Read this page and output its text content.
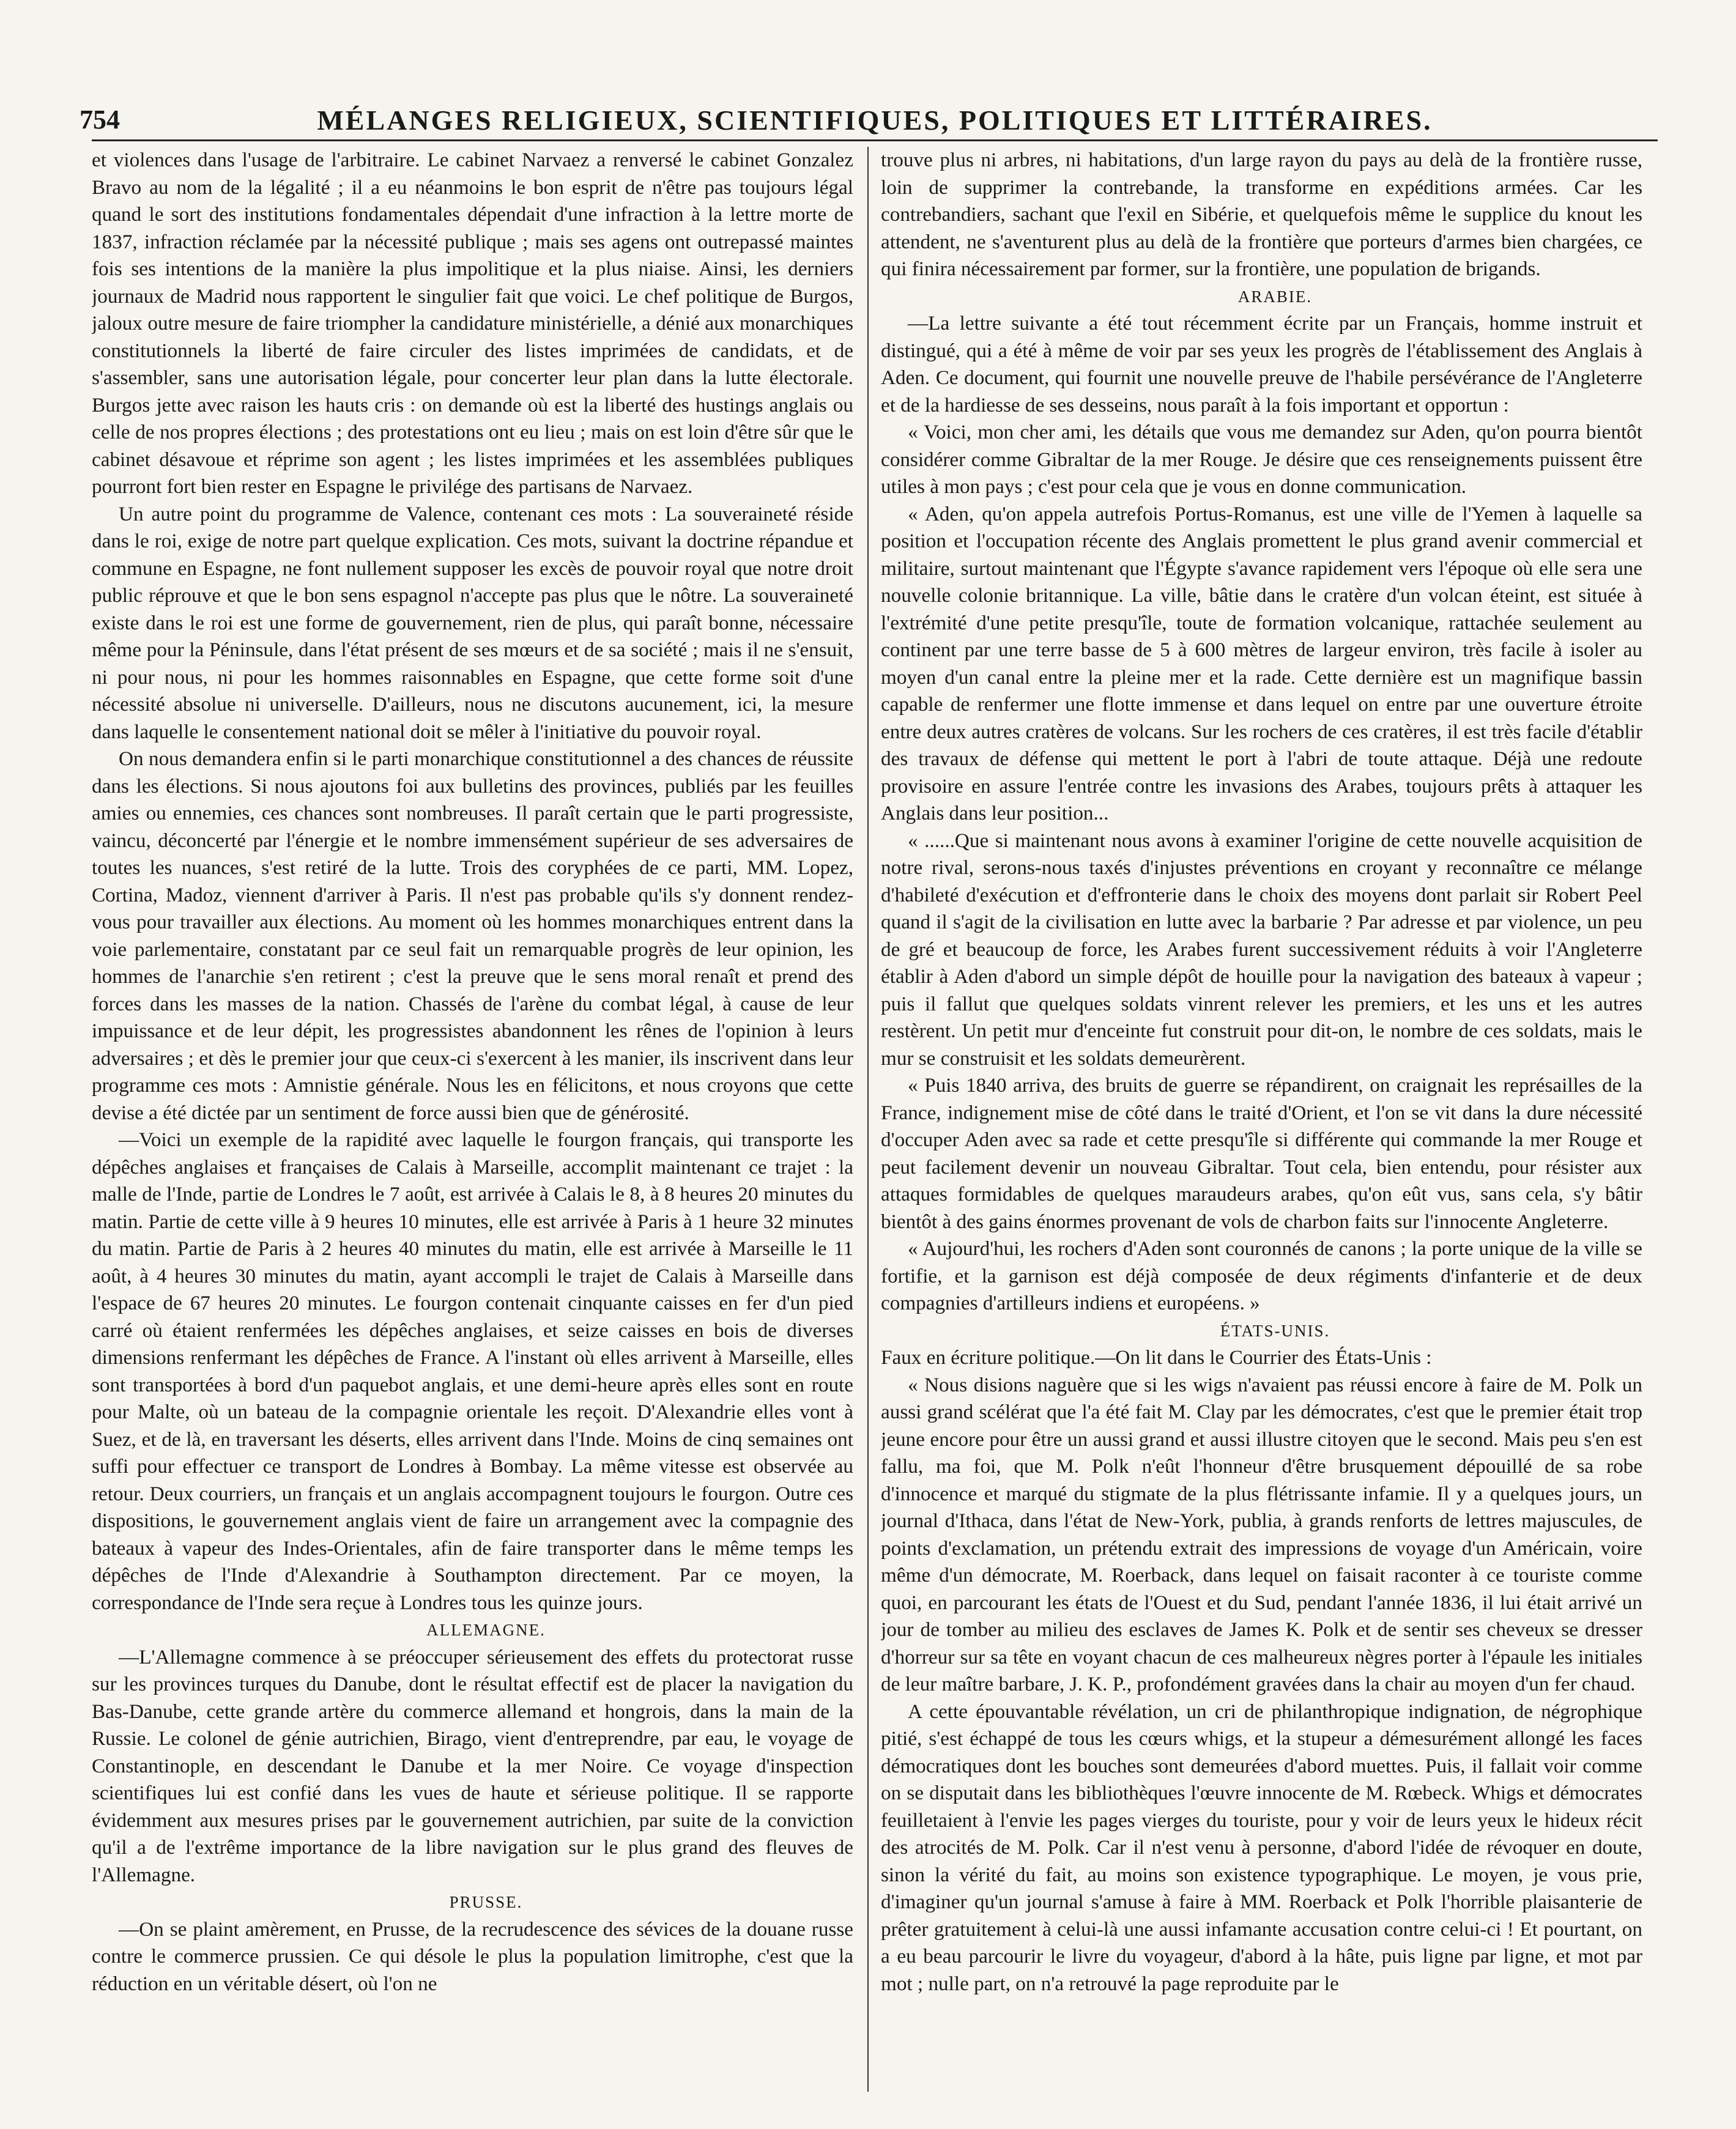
754	MÉLANGES RELIGIEUX, SCIENTIFIQUES, POLITIQUES ET LITTÉRAIRES.

et violences dans l'usage de l'arbitraire. Le cabinet Narvaez a renversé le cabinet Gonzalez Bravo au nom de la légalité ; il a eu néanmoins le bon esprit de n'être pas toujours légal quand le sort des institutions fondamentales dépendait d'une infraction à la lettre morte de 1837, infraction réclamée par la nécessité publique ; mais ses agens ont outrepassé maintes fois ses intentions de la manière la plus impolitique et la plus niaise. Ainsi, les derniers journaux de Madrid nous rapportent le singulier fait que voici. Le chef politique de Burgos, jaloux outre mesure de faire triompher la candidature ministérielle, a dénié aux monarchiques constitutionnels la liberté de faire circuler des listes imprimées de candidats, et de s'assembler, sans une autorisation légale, pour concerter leur plan dans la lutte électorale. Burgos jette avec raison les hauts cris : on demande où est la liberté des hustings anglais ou celle de nos propres élections ; des protestations ont eu lieu ; mais on est loin d'être sûr que le cabinet désavoue et réprime son agent ; les listes imprimées et les assemblées publiques pourront fort bien rester en Espagne le privilége des partisans de Narvaez.

Un autre point du programme de Valence, contenant ces mots : La souveraineté réside dans le roi, exige de notre part quelque explication. Ces mots, suivant la doctrine répandue et commune en Espagne, ne font nullement supposer les excès de pouvoir royal que notre droit public réprouve et que le bon sens espagnol n'accepte pas plus que le nôtre. La souveraineté existe dans le roi est une forme de gouvernement, rien de plus, qui paraît bonne, nécessaire même pour la Péninsule, dans l'état présent de ses mœurs et de sa société ; mais il ne s'ensuit, ni pour nous, ni pour les hommes raisonnables en Espagne, que cette forme soit d'une nécessité absolue ni universelle. D'ailleurs, nous ne discutons aucunement, ici, la mesure dans laquelle le consentement national doit se mêler à l'initiative du pouvoir royal.

On nous demandera enfin si le parti monarchique constitutionnel a des chances de réussite dans les élections. Si nous ajoutons foi aux bulletins des provinces, publiés par les feuilles amies ou ennemies, ces chances sont nombreuses. Il paraît certain que le parti progressiste, vaincu, déconcerté par l'énergie et le nombre immensément supérieur de ses adversaires de toutes les nuances, s'est retiré de la lutte. Trois des coryphées de ce parti, MM. Lopez, Cortina, Madoz, viennent d'arriver à Paris. Il n'est pas probable qu'ils s'y donnent rendez-vous pour travailler aux élections. Au moment où les hommes monarchiques entrent dans la voie parlementaire, constatant par ce seul fait un remarquable progrès de leur opinion, les hommes de l'anarchie s'en retirent ; c'est la preuve que le sens moral renaît et prend des forces dans les masses de la nation. Chassés de l'arène du combat légal, à cause de leur impuissance et de leur dépit, les progressistes abandonnent les rênes de l'opinion à leurs adversaires ; et dès le premier jour que ceux-ci s'exercent à les manier, ils inscrivent dans leur programme ces mots : Amnistie générale. Nous les en félicitons, et nous croyons que cette devise a été dictée par un sentiment de force aussi bien que de générosité.

—Voici un exemple de la rapidité avec laquelle le fourgon français, qui transporte les dépêches anglaises et françaises de Calais à Marseille, accomplit maintenant ce trajet : la malle de l'Inde, partie de Londres le 7 août, est arrivée à Calais le 8, à 8 heures 20 minutes du matin. Partie de cette ville à 9 heures 10 minutes, elle est arrivée à Paris à 1 heure 32 minutes du matin. Partie de Paris à 2 heures 40 minutes du matin, elle est arrivée à Marseille le 11 août, à 4 heures 30 minutes du matin, ayant accompli le trajet de Calais à Marseille dans l'espace de 67 heures 20 minutes. Le fourgon contenait cinquante caisses en fer d'un pied carré où étaient renfermées les dépêches anglaises, et seize caisses en bois de diverses dimensions renfermant les dépêches de France. A l'instant où elles arrivent à Marseille, elles sont transportées à bord d'un paquebot anglais, et une demi-heure après elles sont en route pour Malte, où un bateau de la compagnie orientale les reçoit. D'Alexandrie elles vont à Suez, et de là, en traversant les déserts, elles arrivent dans l'Inde. Moins de cinq semaines ont suffi pour effectuer ce transport de Londres à Bombay. La même vitesse est observée au retour. Deux courriers, un français et un anglais accompagnent toujours le fourgon. Outre ces dispositions, le gouvernement anglais vient de faire un arrangement avec la compagnie des bateaux à vapeur des Indes-Orientales, afin de faire transporter dans le même temps les dépêches de l'Inde d'Alexandrie à Southampton directement. Par ce moyen, la correspondance de l'Inde sera reçue à Londres tous les quinze jours.

ALLEMAGNE.

—L'Allemagne commence à se préoccuper sérieusement des effets du protectorat russe sur les provinces turques du Danube, dont le résultat effectif est de placer la navigation du Bas-Danube, cette grande artère du commerce allemand et hongrois, dans la main de la Russie. Le colonel de génie autrichien, Birago, vient d'entreprendre, par eau, le voyage de Constantinople, en descendant le Danube et la mer Noire. Ce voyage d'inspection scientifiques lui est confié dans les vues de haute et sérieuse politique. Il se rapporte évidemment aux mesures prises par le gouvernement autrichien, par suite de la conviction qu'il a de l'extrême importance de la libre navigation sur le plus grand des fleuves de l'Allemagne.

PRUSSE.

—On se plaint amèrement, en Prusse, de la recrudescence des sévices de la douane russe contre le commerce prussien. Ce qui désole le plus la population limitrophe, c'est que la réduction en un véritable désert, où l'on ne

trouve plus ni arbres, ni habitations, d'un large rayon du pays au delà de la frontière russe, loin de supprimer la contrebande, la transforme en expéditions armées. Car les contrebandiers, sachant que l'exil en Sibérie, et quelquefois même le supplice du knout les attendent, ne s'aventurent plus au delà de la frontière que porteurs d'armes bien chargées, ce qui finira nécessairement par former, sur la frontière, une population de brigands.

ARABIE.

—La lettre suivante a été tout récemment écrite par un Français, homme instruit et distingué, qui a été à même de voir par ses yeux les progrès de l'établissement des Anglais à Aden. Ce document, qui fournit une nouvelle preuve de l'habile persévérance de l'Angleterre et de la hardiesse de ses desseins, nous paraît à la fois important et opportun :

« Voici, mon cher ami, les détails que vous me demandez sur Aden, qu'on pourra bientôt considérer comme Gibraltar de la mer Rouge. Je désire que ces renseignements puissent être utiles à mon pays ; c'est pour cela que je vous en donne communication.

« Aden, qu'on appela autrefois Portus-Romanus, est une ville de l'Yemen à laquelle sa position et l'occupation récente des Anglais promettent le plus grand avenir commercial et militaire, surtout maintenant que l'Égypte s'avance rapidement vers l'époque où elle sera une nouvelle colonie britannique. La ville, bâtie dans le cratère d'un volcan éteint, est située à l'extrémité d'une petite presqu'île, toute de formation volcanique, rattachée seulement au continent par une terre basse de 5 à 600 mètres de largeur environ, très facile à isoler au moyen d'un canal entre la pleine mer et la rade. Cette dernière est un magnifique bassin capable de renfermer une flotte immense et dans lequel on entre par une ouverture étroite entre deux autres cratères de volcans. Sur les rochers de ces cratères, il est très facile d'établir des travaux de défense qui mettent le port à l'abri de toute attaque. Déjà une redoute provisoire en assure l'entrée contre les invasions des Arabes, toujours prêts à attaquer les Anglais dans leur position...

« ......Que si maintenant nous avons à examiner l'origine de cette nouvelle acquisition de notre rival, serons-nous taxés d'injustes préventions en croyant y reconnaître ce mélange d'habileté d'exécution et d'effronterie dans le choix des moyens dont parlait sir Robert Peel quand il s'agit de la civilisation en lutte avec la barbarie ? Par adresse et par violence, un peu de gré et beaucoup de force, les Arabes furent successivement réduits à voir l'Angleterre établir à Aden d'abord un simple dépôt de houille pour la navigation des bateaux à vapeur ; puis il fallut que quelques soldats vinrent relever les premiers, et les uns et les autres restèrent. Un petit mur d'enceinte fut construit pour dit-on, le nombre de ces soldats, mais le mur se construisit et les soldats demeurèrent.

« Puis 1840 arriva, des bruits de guerre se répandirent, on craignait les représailles de la France, indignement mise de côté dans le traité d'Orient, et l'on se vit dans la dure nécessité d'occuper Aden avec sa rade et cette presqu'île si différente qui commande la mer Rouge et peut facilement devenir un nouveau Gibraltar. Tout cela, bien entendu, pour résister aux attaques formidables de quelques maraudeurs arabes, qu'on eût vus, sans cela, s'y bâtir bientôt à des gains énormes provenant de vols de charbon faits sur l'innocente Angleterre.

« Aujourd'hui, les rochers d'Aden sont couronnés de canons ; la porte unique de la ville se fortifie, et la garnison est déjà composée de deux régiments d'infanterie et de deux compagnies d'artilleurs indiens et européens. »

ÉTATS-UNIS.

Faux en écriture politique.—On lit dans le Courrier des États-Unis :

« Nous disions naguère que si les wigs n'avaient pas réussi encore à faire de M. Polk un aussi grand scélérat que l'a été fait M. Clay par les démocrates, c'est que le premier était trop jeune encore pour être un aussi grand et aussi illustre citoyen que le second. Mais peu s'en est fallu, ma foi, que M. Polk n'eût l'honneur d'être brusquement dépouillé de sa robe d'innocence et marqué du stigmate de la plus flétrissante infamie. Il y a quelques jours, un journal d'Ithaca, dans l'état de New-York, publia, à grands renforts de lettres majuscules, de points d'exclamation, un prétendu extrait des impressions de voyage d'un Américain, voire même d'un démocrate, M. Roerback, dans lequel on faisait raconter à ce touriste comme quoi, en parcourant les états de l'Ouest et du Sud, pendant l'année 1836, il lui était arrivé un jour de tomber au milieu des esclaves de James K. Polk et de sentir ses cheveux se dresser d'horreur sur sa tête en voyant chacun de ces malheureux nègres porter à l'épaule les initiales de leur maître barbare, J. K. P., profondément gravées dans la chair au moyen d'un fer chaud.

A cette épouvantable révélation, un cri de philanthropique indignation, de négrophique pitié, s'est échappé de tous les cœurs whigs, et la stupeur a démesurément allongé les faces démocratiques dont les bouches sont demeurées d'abord muettes. Puis, il fallait voir comme on se disputait dans les bibliothèques l'œuvre innocente de M. Rœbeck. Whigs et démocrates feuilletaient à l'envie les pages vierges du touriste, pour y voir de leurs yeux le hideux récit des atrocités de M. Polk. Car il n'est venu à personne, d'abord l'idée de révoquer en doute, sinon la vérité du fait, au moins son existence typographique. Le moyen, je vous prie, d'imaginer qu'un journal s'amuse à faire à MM. Roerback et Polk l'horrible plaisanterie de prêter gratuitement à celui-là une aussi infamante accusation contre celui-ci ! Et pourtant, on a eu beau parcourir le livre du voyageur, d'abord à la hâte, puis ligne par ligne, et mot par mot ; nulle part, on n'a retrouvé la page reproduite par le
